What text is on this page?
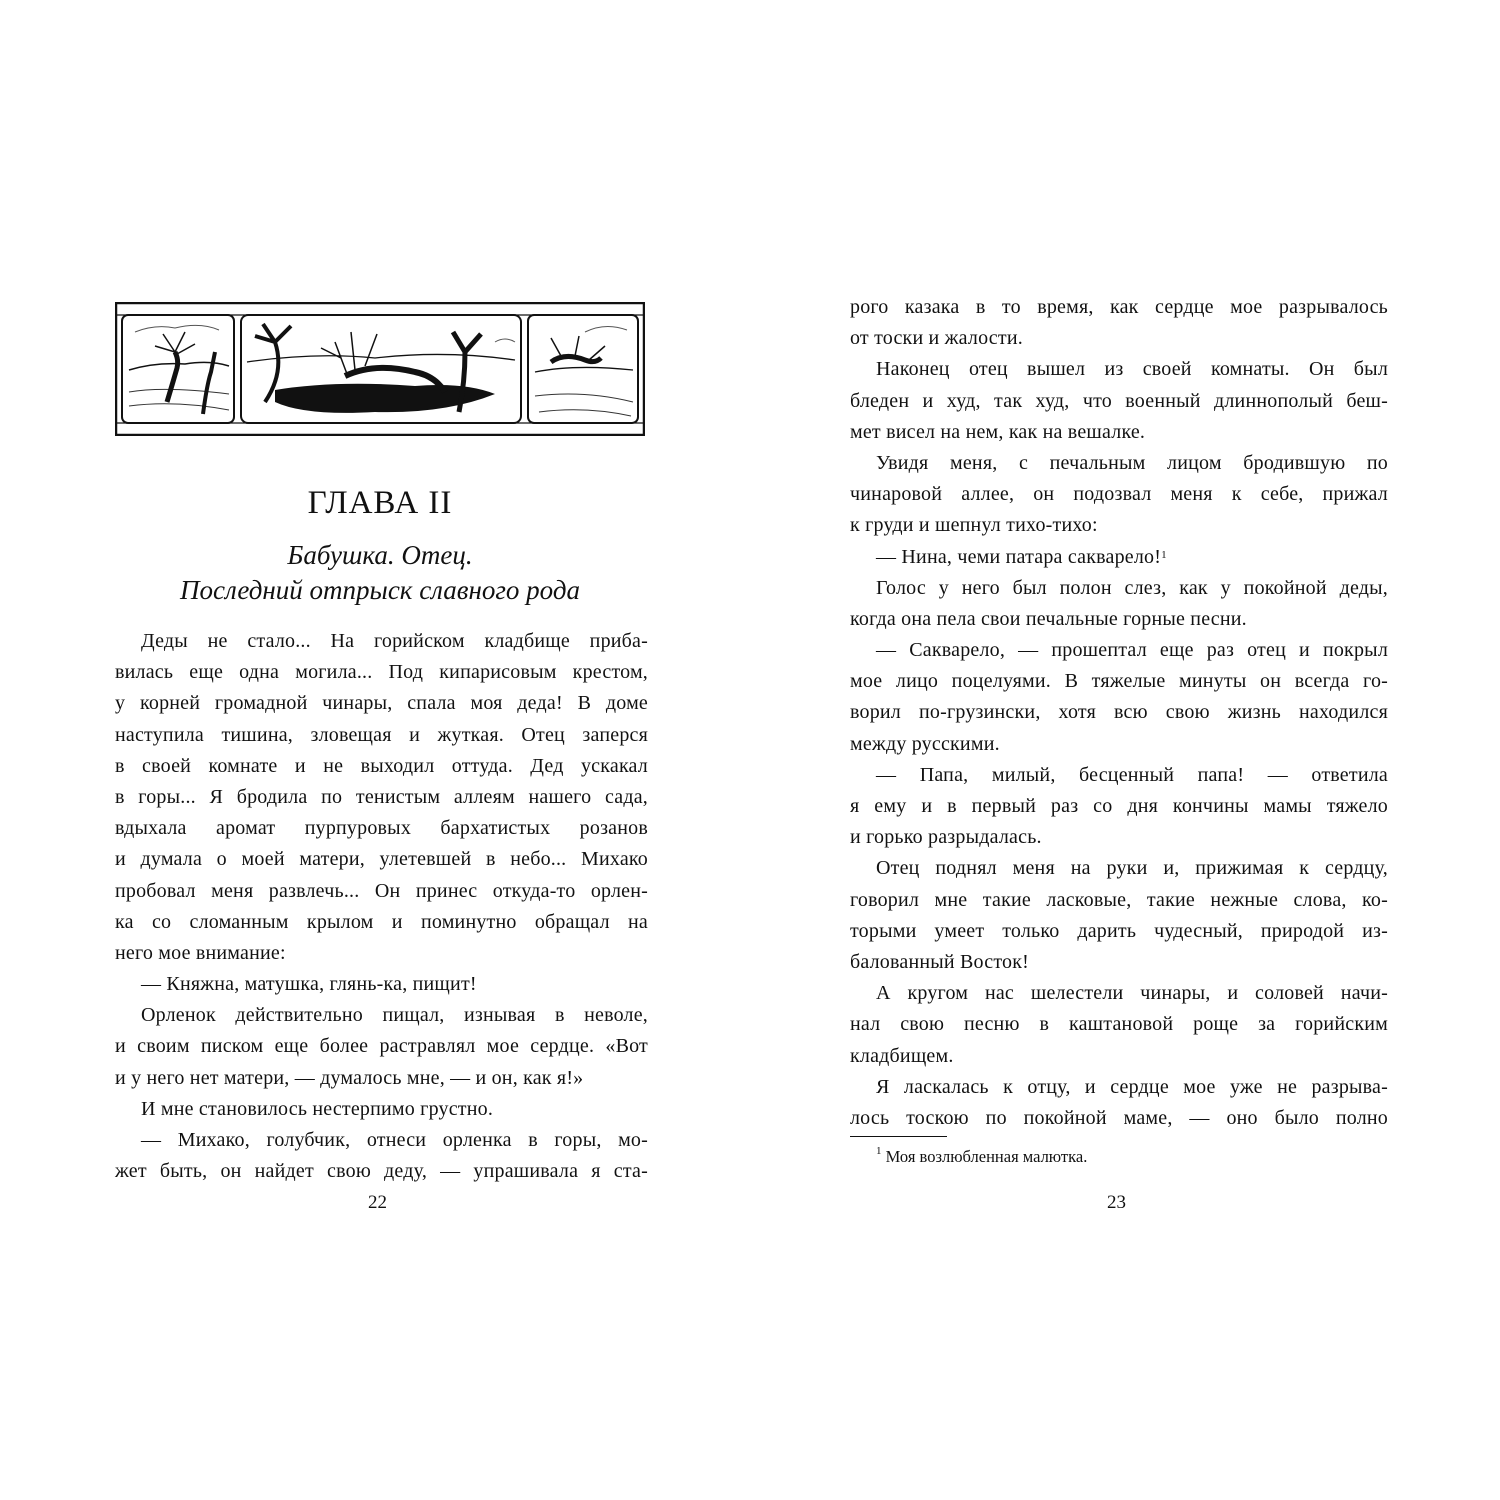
ГЛАВА II
Бабушка. Отец.
Последний отпрыск славного рода
Деды не стало... На горийском кладбище приба-
вилась еще одна могила... Под кипарисовым крестом,
у корней громадной чинары, спала моя деда! В доме
наступила тишина, зловещая и жуткая. Отец заперся
в своей комнате и не выходил оттуда. Дед ускакал
в горы... Я бродила по тенистым аллеям нашего сада,
вдыхала аромат пурпуровых бархатистых розанов
и думала о моей матери, улетевшей в небо... Михако
пробовал меня развлечь... Он принес откуда-то орлен-
ка со сломанным крылом и поминутно обращал на
него мое внимание:
— Княжна, матушка, глянь-ка, пищит!
Орленок действительно пищал, изнывая в неволе,
и своим писком еще более растравлял мое сердце. «Вот
и у него нет матери, — думалось мне, — и он, как я!»
И мне становилось нестерпимо грустно.
— Михако, голубчик, отнеси орленка в горы, мо-
жет быть, он найдет свою деду, — упрашивала я ста-
22
рого казака в то время, как сердце мое разрывалось
от тоски и жалости.
Наконец отец вышел из своей комнаты. Он был
бледен и худ, так худ, что военный длиннополый беш-
мет висел на нем, как на вешалке.
Увидя меня, с печальным лицом бродившую по
чинаровой аллее, он подозвал меня к себе, прижал
к груди и шепнул тихо-тихо:
— Нина, чеми патара сакварело!$^1$
Голос у него был полон слез, как у покойной деды,
когда она пела свои печальные горные песни.
— Сакварело, — прошептал еще раз отец и покрыл
мое лицо поцелуями. В тяжелые минуты он всегда го-
ворил по-грузински, хотя всю свою жизнь находился
между русскими.
— Папа, милый, бесценный папа! — ответила
я ему и в первый раз со дня кончины мамы тяжело
и горько разрыдалась.
Отец поднял меня на руки и, прижимая к сердцу,
говорил мне такие ласковые, такие нежные слова, ко-
торыми умеет только дарить чудесный, природой из-
балованный Восток!
А кругом нас шелестели чинары, и соловей начи-
нал свою песню в каштановой роще за горийским
кладбищем.
Я ласкалась к отцу, и сердце мое уже не разрыва-
лось тоскою по покойной маме, — оно было полно
$^1$ Моя возлюбленная малютка.
23
